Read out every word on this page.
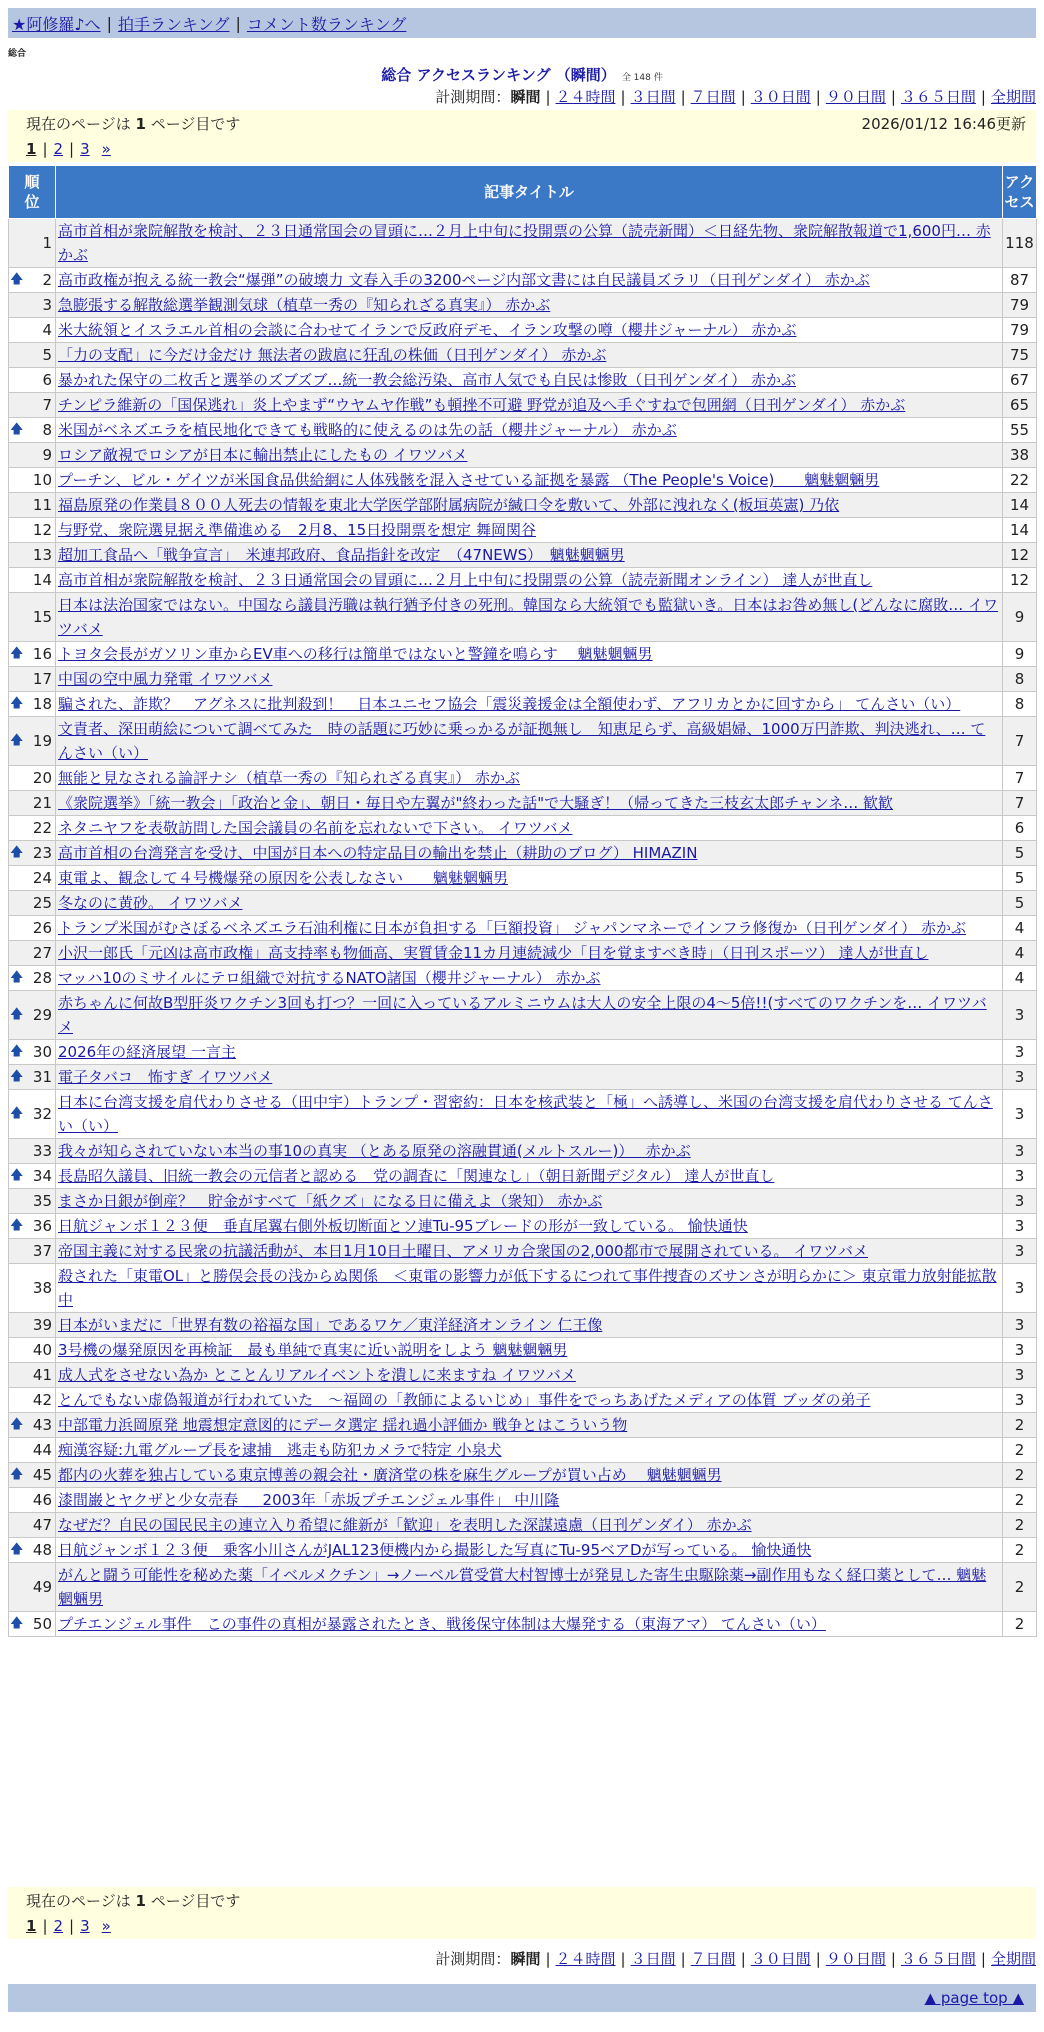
★阿修羅♪へ | 拍手ランキング | コメント数ランキング
総合
総合 アクセスランキング （瞬間） 全 148 件
計測期間：瞬間 | ２４時間 | ３日間 | ７日間 | ３０日間 | ９０日間 | ３６５日間 | 全期間
現在のページは 1 ページ目です	2026/01/12 16:46更新
1 | 2 | 3 »
順位	記事タイトル	アクセス
1	高市首相が衆院解散を検討、２３日通常国会の冒頭に…２月上中旬に投開票の公算（読売新聞）＜日経先物、衆院解散報道で1,600円… 赤かぶ	118

🡅 2	高市政権が抱える統一教会“爆弾”の破壊力 文春入手の3200ページ内部文書には自民議員ズラリ（日刊ゲンダイ） 赤かぶ	87
3	急膨張する解散総選挙観測気球（植草一秀の『知られざる真実』） 赤かぶ	79
4	米大統領とイスラエル首相の会談に合わせてイランで反政府デモ、イラン攻撃の噂（櫻井ジャーナル） 赤かぶ	79
5	「力の支配」に今だけ金だけ 無法者の跋扈に狂乱の株価（日刊ゲンダイ） 赤かぶ	75
6	暴かれた保守の二枚舌と選挙のズブズブ…統一教会総汚染、高市人気でも自民は惨敗（日刊ゲンダイ） 赤かぶ	67
7	チンピラ維新の「国保逃れ」炎上やまず“ウヤムヤ作戦”も頓挫不可避 野党が追及へ手ぐすねで包囲網（日刊ゲンダイ） 赤かぶ	65

🡅 8	米国がベネズエラを植民地化できても戦略的に使えるのは先の話（櫻井ジャーナル） 赤かぶ	55
9	ロシア敵視でロシアが日本に輸出禁止にしたもの イワツバメ	38
10	プーチン、ビル・ゲイツが米国食品供給網に人体残骸を混入させている証拠を暴露 （The People's Voice)　　魑魅魍魎男	22
11	福島原発の作業員８００人死去の情報を東北大学医学部附属病院が緘口令を敷いて、外部に洩れなく(板垣英憲) 乃依	14
12	与野党、衆院選見据え準備進める　2月8、15日投開票を想定 舞岡関谷	14
13	超加工食品へ「戦争宣言」　米連邦政府、食品指針を改定　（47NEWS）　魑魅魍魎男	12
14	高市首相が衆院解散を検討、２３日通常国会の冒頭に…２月上中旬に投開票の公算（読売新聞オンライン） 達人が世直し	12
15	日本は法治国家ではない。中国なら議員汚職は執行猶予付きの死刑。韓国なら大統領でも監獄いき。日本はお咎め無し(どんなに腐敗… イワツバメ	9

🡅 16	トヨタ会長がガソリン車からEV車への移行は簡単ではないと警鐘を鳴らす　 魑魅魍魎男	9
17	中国の空中風力発電 イワツバメ	8

🡅 18	騙された、詐欺？　アグネスに批判殺到！　日本ユニセフ協会「震災義援金は全額使わず、アフリカとかに回すから」 てんさい（い）	8

🡅 19	文責者、深田萌絵について調べてみた　時の話題に巧妙に乗っかるが証拠無し　知恵足らず、高級娼婦、1000万円詐欺、判決逃れ、… てんさい（い）	7
20	無能と見なされる論評ナシ（植草一秀の『知られざる真実』） 赤かぶ	7
21	《衆院選挙》「統一教会」「政治と金」、朝日・毎日や左翼が"終わった話"で大騒ぎ！（帰ってきた三枝玄太郎チャンネ… 歓歓	7
22	ネタニヤフを表敬訪問した国会議員の名前を忘れないで下さい。 イワツバメ	6

🡅 23	高市首相の台湾発言を受け、中国が日本への特定品目の輸出を禁止（耕助のブログ） HIMAZIN	5
24	東電よ、観念して４号機爆発の原因を公表しなさい　　魑魅魍魎男	5
25	冬なのに黄砂。 イワツバメ	5
26	トランプ米国がむさぼるベネズエラ石油利権に日本が負担する「巨額投資」 ジャパンマネーでインフラ修復か（日刊ゲンダイ） 赤かぶ	4
27	小沢一郎氏「元凶は高市政権」高支持率も物価高、実質賃金11カ月連続減少「目を覚ますべき時」（日刊スポーツ） 達人が世直し	4

🡅 28	マッハ10のミサイルにテロ組織で対抗するNATO諸国（櫻井ジャーナル） 赤かぶ	4

🡅 29	赤ちゃんに何故B型肝炎ワクチン3回も打つ？一回に入っているアルミニウムは大人の安全上限の4～5倍!!(すべてのワクチンを… イワツバメ	3

🡅 30	2026年の経済展望 一言主	3

🡅 31	電子タバコ　怖すぎ イワツバメ	3

🡅 32	日本に台湾支援を肩代わりさせる（田中宇）トランプ・習密約：日本を核武装と「極」へ誘導し、米国の台湾支援を肩代わりさせる てんさい（い）	3
33	我々が知らされていない本当の事10の真実 （とある原発の溶融貫通(メルトスルー)）　 赤かぶ	3

🡅 34	長島昭久議員、旧統一教会の元信者と認める　党の調査に「関連なし」（朝日新聞デジタル） 達人が世直し	3
35	まさか日銀が倒産？　貯金がすべて「紙クズ」になる日に備えよ（衆知） 赤かぶ	3

🡅 36	日航ジャンボ１２３便　垂直尾翼右側外板切断面とソ連Tu-95ブレードの形が一致している。 愉快通快	3
37	帝国主義に対する民衆の抗議活動が、本日1月10日土曜日、アメリカ合衆国の2,000都市で展開されている。 イワツバメ	3
38	殺された「東電OL」と勝俣会長の浅からぬ関係　＜東電の影響力が低下するにつれて事件捜査のズサンさが明らかに＞ 東京電力放射能拡散中	3
39	日本がいまだに「世界有数の裕福な国」であるワケ／東洋経済オンライン 仁王像	3
40	3号機の爆発原因を再検証　最も単純で真実に近い説明をしよう 魑魅魍魎男	3
41	成人式をさせない為か とことんリアルイベントを潰しに来ますね イワツバメ	3
42	とんでもない虚偽報道が行われていた　～福岡の「教師によるいじめ」事件をでっちあげたメディアの体質 ブッダの弟子	3

🡅 43	中部電力浜岡原発 地震想定意図的にデータ選定 揺れ過小評価か 戦争とはこういう物	2
44	痴漢容疑:九電グループ長を逮捕　逃走も防犯カメラで特定 小泉犬	2

🡅 45	都内の火葬を独占している東京博善の親会社・廣済堂の株を麻生グループが買い占め　 魑魅魍魎男	2
46	漆間巌とヤクザと少女売春 ＿ 2003年「赤坂プチエンジェル事件」 中川隆	2
47	なぜだ？自民の国民民主の連立入り希望に維新が「歓迎」を表明した深謀遠慮（日刊ゲンダイ） 赤かぶ	2

🡅 48	日航ジャンボ１２３便　乗客小川さんがJAL123便機内から撮影した写真にTu-95ベアDが写っている。 愉快通快	2
49	がんと闘う可能性を秘めた薬「イベルメクチン」→ノーベル賞受賞大村智博士が発見した寄生虫駆除薬→副作用もなく経口薬として… 魑魅魍魎男	2

🡅 50	プチエンジェル事件　この事件の真相が暴露されたとき、戦後保守体制は大爆発する（東海アマ） てんさい（い）	2
現在のページは 1 ページ目です
1 | 2 | 3 »
計測期間：瞬間 | ２４時間 | ３日間 | ７日間 | ３０日間 | ９０日間 | ３６５日間 | 全期間
▲ page top ▲
